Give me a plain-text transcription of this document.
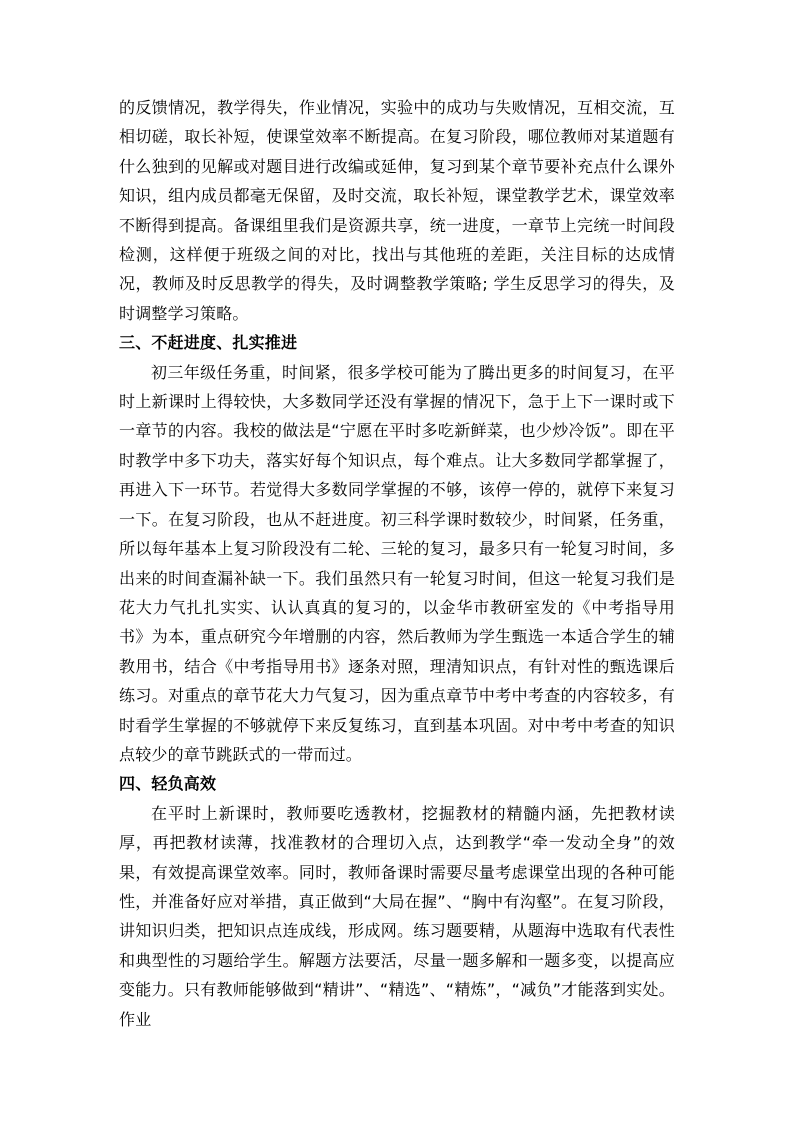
的反馈情况，教学得失，作业情况，实验中的成功与失败情况，互相交流，互相切磋，取长补短，使课堂效率不断提高。在复习阶段，哪位教师对某道题有什么独到的见解或对题目进行改编或延伸，复习到某个章节要补充点什么课外知识，组内成员都毫无保留，及时交流，取长补短，课堂教学艺术，课堂效率 不断得到提高。备课组里我们是资源共享，统一进度，一章节上完统一时间段检测，这样便于班级之间的对比，找出与其他班的差距，关注目标的达成情况，教师及时反思教学的得失，及时调整教学策略; 学生反思学习的得失，及时调整学习策略。

三、不赶进度、扎实推进

初三年级任务重，时间紧，很多学校可能为了腾出更多的时间复习，在平时上新课时上得较快，大多数同学还没有掌握的情况下，急于上下一课时或下一章节的内容。我校的做法是“宁愿在平时多吃新鲜菜，也少炒冷饭”。即在平时教学中多下功夫，落实好每个知识点，每个难点。让大多数同学都掌握了，再进入下一环节。若觉得大多数同学掌握的不够，该停一停的，就停下来复习一下。在复习阶段，也从不赶进度。初三科学课时数较少，时间紧，任务重，所以每年基本上复习阶段没有二轮、三轮的复习，最多只有一轮复习时间，多出来的时间查漏补缺一下。我们虽然只有一轮复习时间，但这一轮复习我们是花大力气扎扎实实、认认真真的复习的，以金华市教研室发的《中考指导用书》为本，重点研究今年增删的内容，然后教师为学生甄选一本适合学生的辅教用书，结合《中考指导用书》逐条对照，理清知识点，有针对性的甄选课后练习。对重点的章节花大力气复习，因为重点章节中考中考查的内容较多，有时看学生掌握的不够就停下来反复练习，直到基本巩固。对中考中考查的知识点较少的章节跳跃式的一带而过。

四、轻负高效

在平时上新课时，教师要吃透教材，挖掘教材的精髓内涵，先把教材读厚，再把教材读薄，找准教材的合理切入点，达到教学“牵一发动全身”的效果，有效提高课堂效率。同时，教师备课时需要尽量考虑课堂出现的各种可能性，并准备好应对举措，真正做到“大局在握”、“胸中有沟壑”。在复习阶段，讲知识归类，把知识点连成线，形成网。练习题要精，从题海中选取有代表性和典型性的习题给学生。解题方法要活，尽量一题多解和一题多变，以提高应变能力。只有教师能够做到“精讲”、“精选”、“精炼”，“减负”才能落到实处。作业
